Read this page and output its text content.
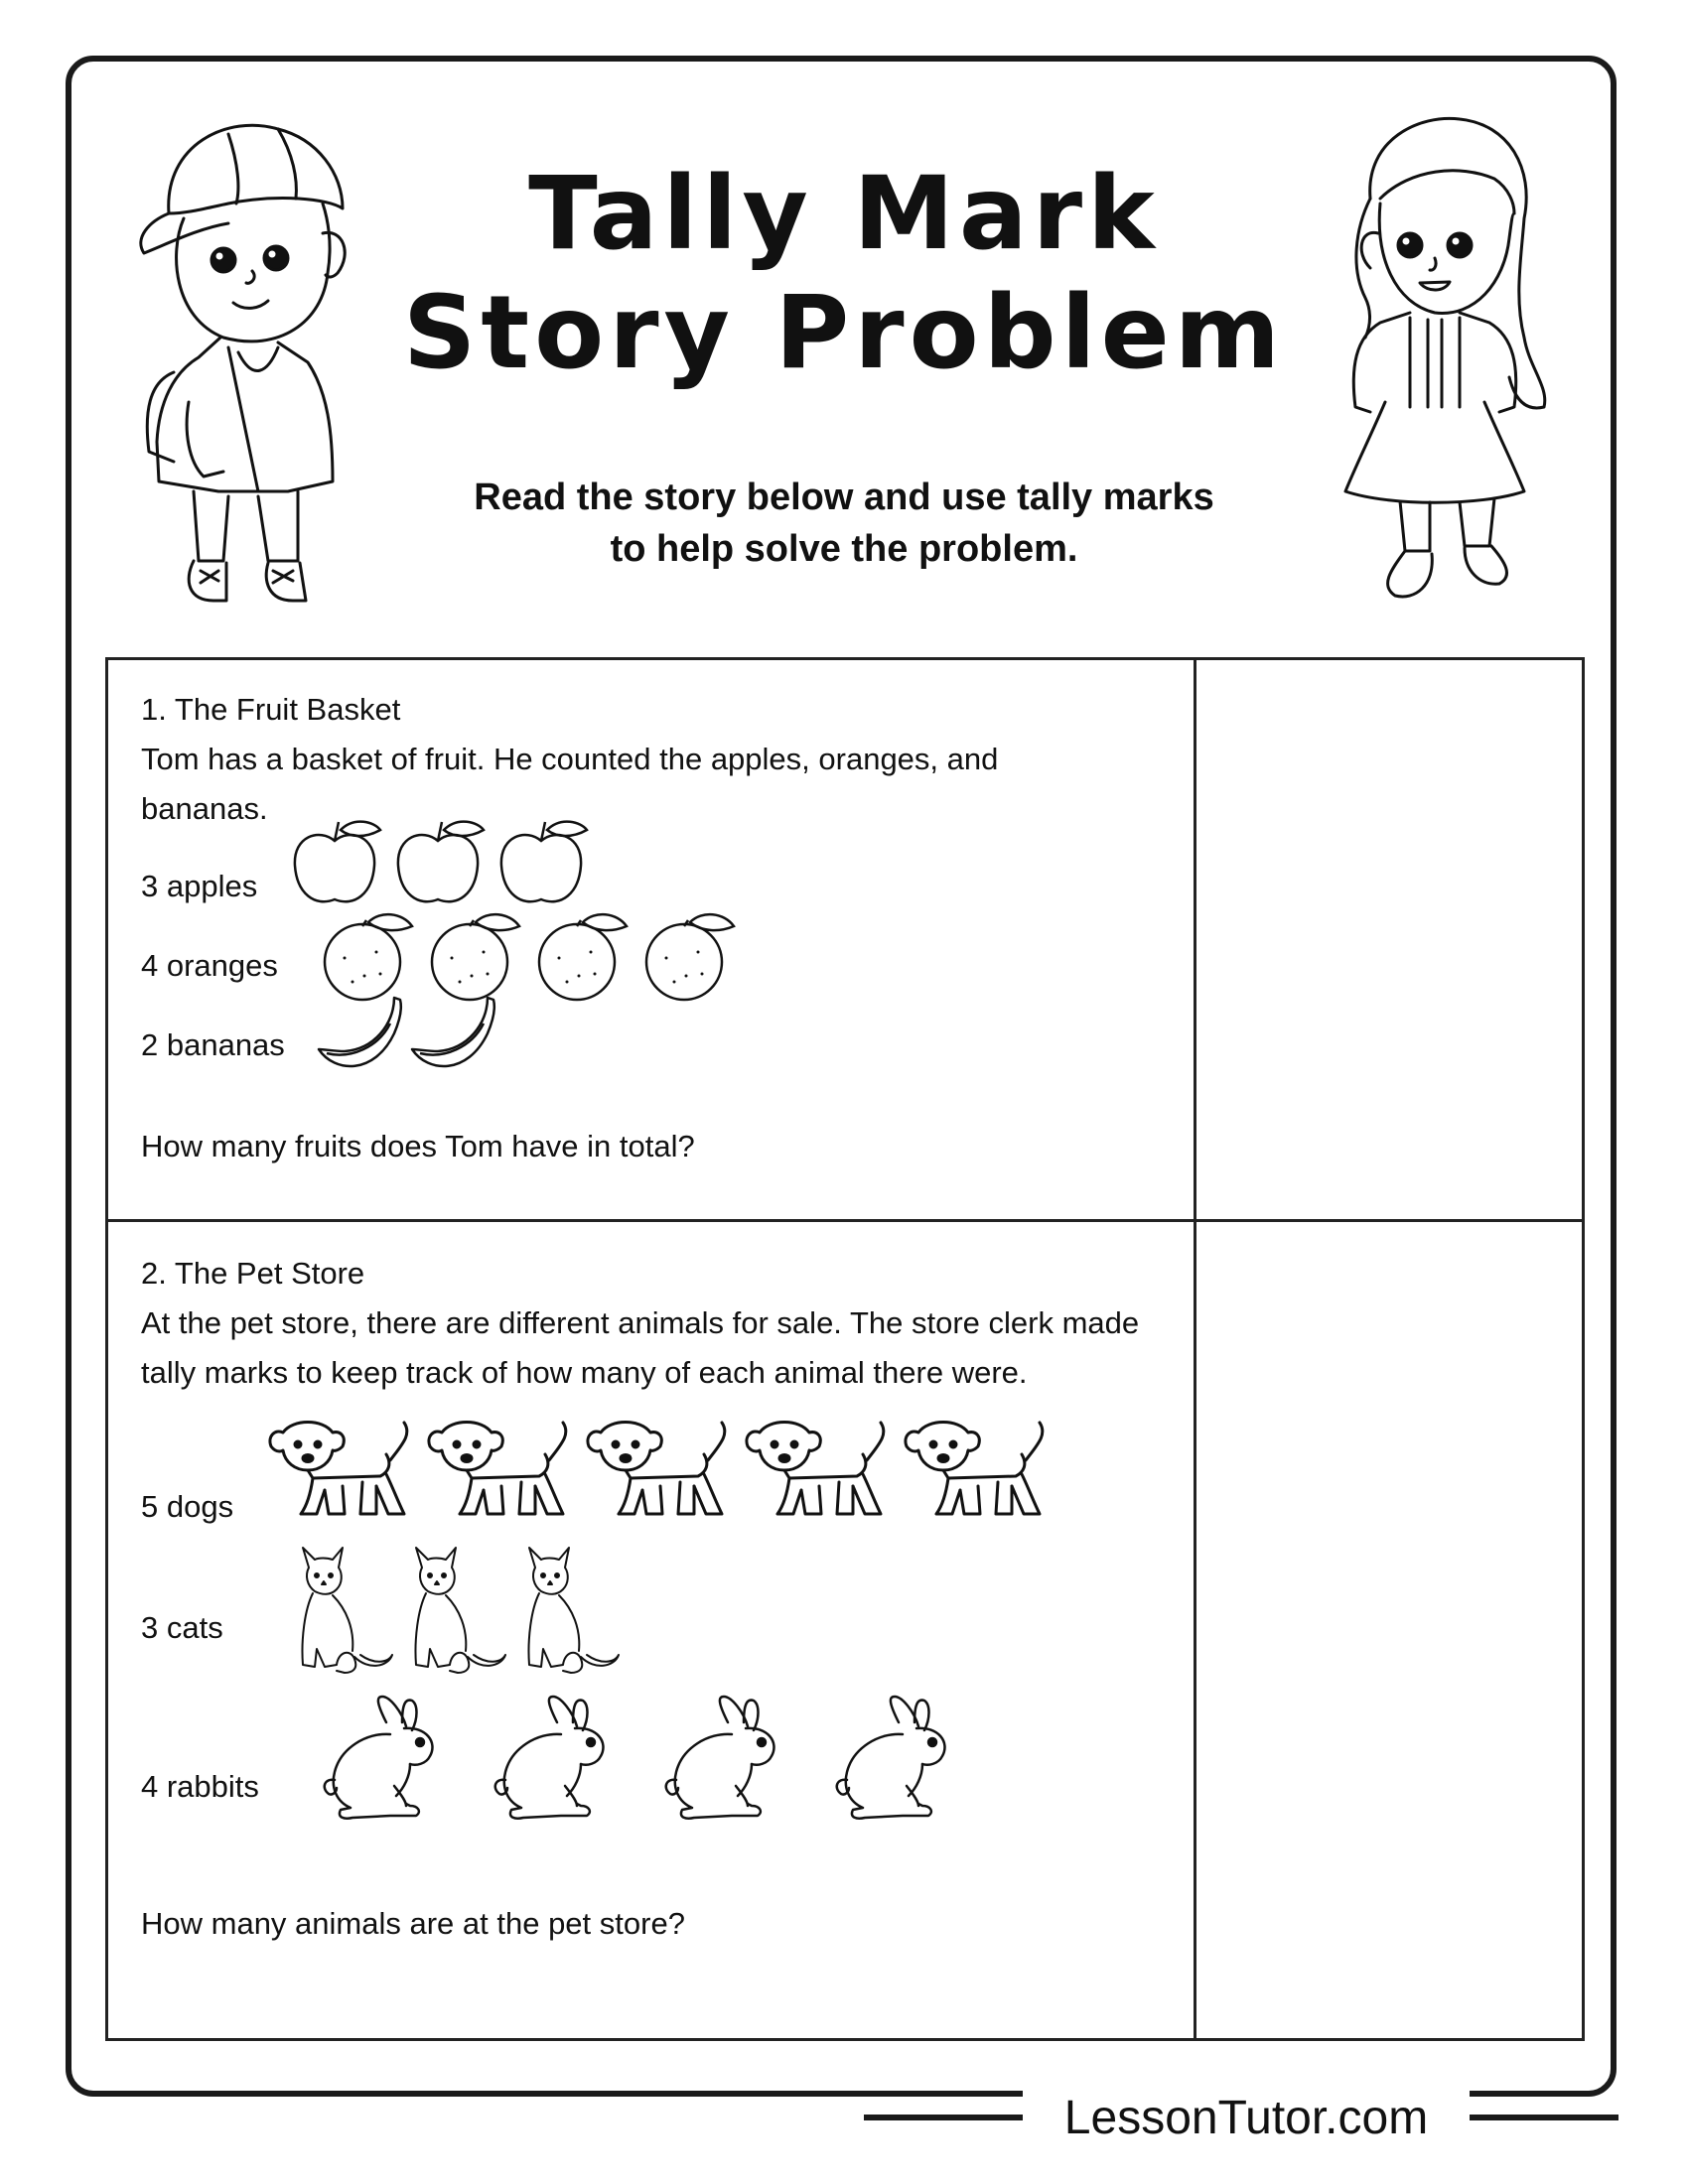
Tally Mark
Story Problem

Read the story below and use tally marks
to help solve the problem.

1. The Fruit Basket

Tom has a basket of fruit. He counted the apples, oranges, and bananas.

3 apples

4 oranges

2 bananas

How many fruits does Tom have in total?

2. The Pet Store

At the pet store, there are different animals for sale. The store clerk made tally marks to keep track of how many of each animal there were.

5 dogs

3 cats

4 rabbits

How many animals are at the pet store?

LessonTutor.com
